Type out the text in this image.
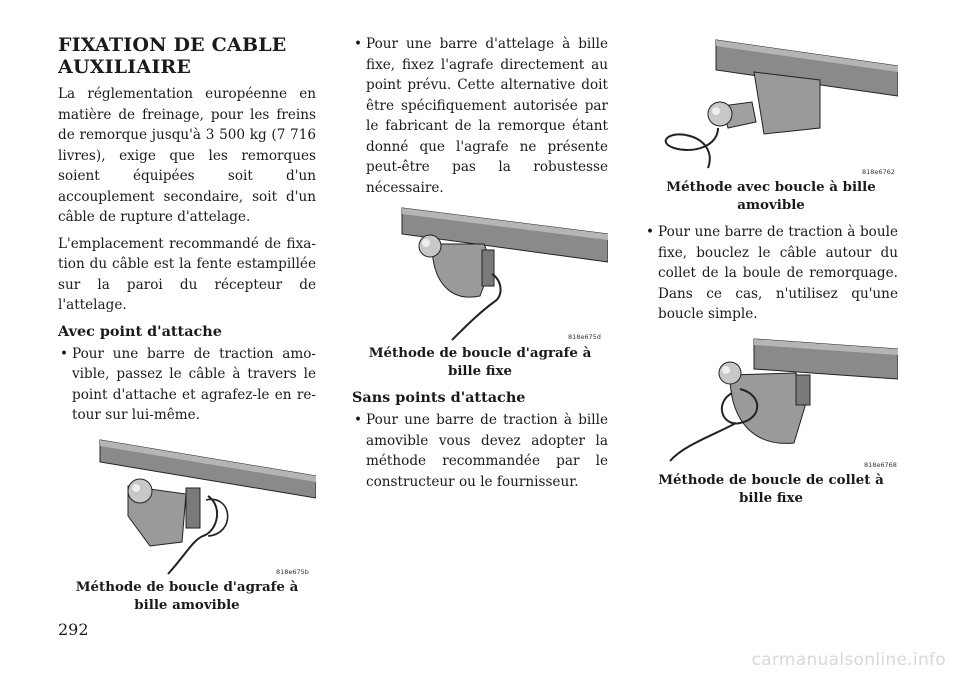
FIXATION DE CABLE AUXILIAIRE

La réglementation européenne en matière de freinage, pour les freins de remorque jusqu'à 3 500 kg (7 716 livres), exige que les remorques soient équipées soit d'un accouplement secondaire, soit d'un câble de rupture d'attelage.

L'emplacement recommandé de fixation du câble est la fente estampillée sur la paroi du récepteur de l'attelage.

Avec point d'attache
• Pour une barre de traction amovible, passez le câble à travers le point d'attache et agrafez-le en retour sur lui-même.
818e675b
Méthode de boucle d'agrafe à bille amovible
• Pour une barre d'attelage à bille fixe, fixez l'agrafe directement au point prévu. Cette alternative doit être spécifiquement autorisée par le fabricant de la remorque étant donné que l'agrafe ne présente peut-être pas la robustesse nécessaire.
818e675d
Méthode de boucle d'agrafe à bille fixe
Sans points d'attache
• Pour une barre de traction à bille amovible vous devez adopter la méthode recommandée par le constructeur ou le fournisseur.
818e6762
Méthode avec boucle à bille amovible
• Pour une barre de traction à boule fixe, bouclez le câble autour du collet de la boule de remorquage. Dans ce cas, n'utilisez qu'une boucle simple.
818e6768
Méthode de boucle de collet à bille fixe
292
carmanualsonline.info
